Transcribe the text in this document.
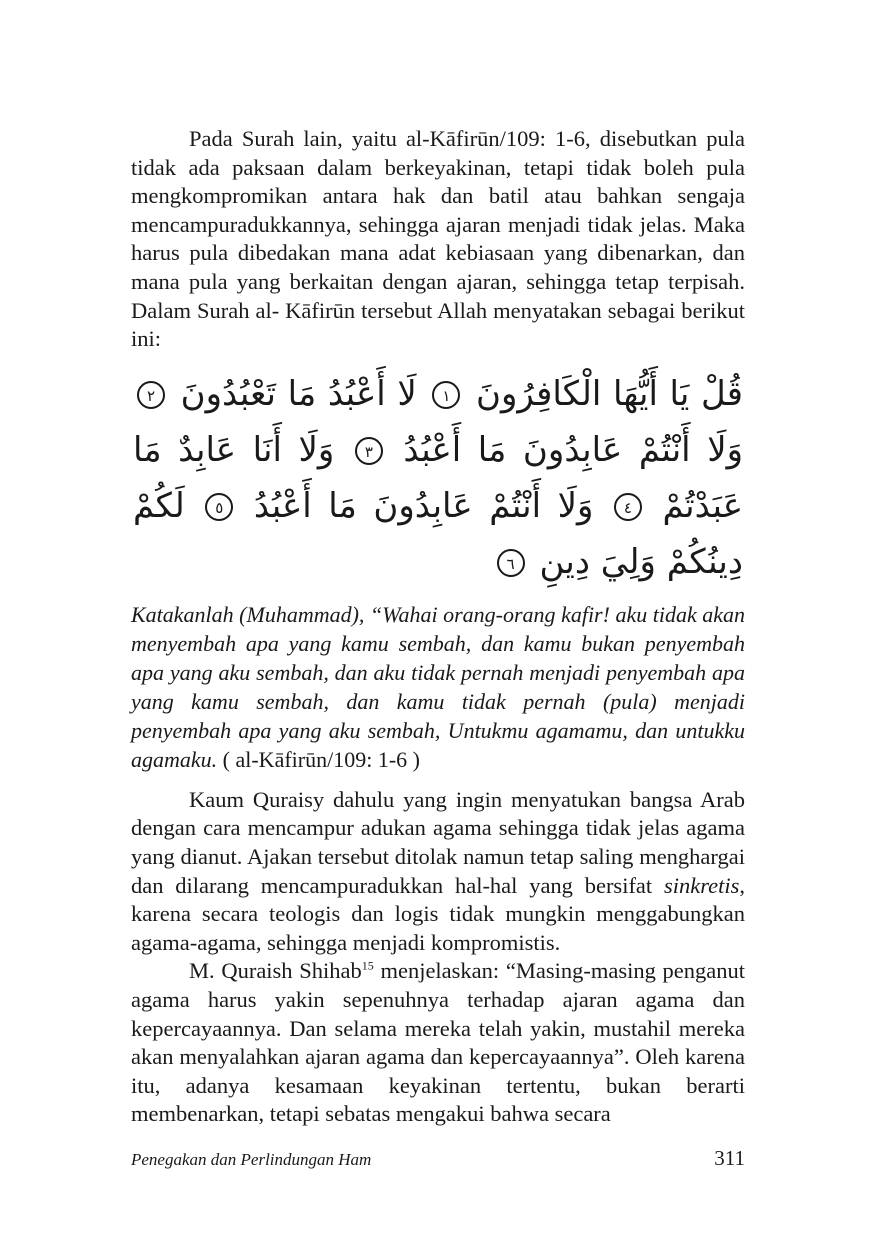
Pada Surah lain, yaitu al-Kāfirūn/109: 1-6, disebutkan pula tidak ada paksaan dalam berkeyakinan, tetapi tidak boleh pula mengkompromikan antara hak dan batil atau bahkan sengaja mencampuradukkannya, sehingga ajaran menjadi tidak jelas. Maka harus pula dibedakan mana adat kebiasaan yang dibenarkan, dan mana pula yang berkaitan dengan ajaran, sehingga tetap terpisah. Dalam Surah al- Kāfirūn tersebut Allah menyatakan sebagai berikut ini:

قُلْ يَا أَيُّهَا الْكَافِرُونَ ١ لَا أَعْبُدُ مَا تَعْبُدُونَ ٢ وَلَا أَنْتُمْ عَابِدُونَ مَا أَعْبُدُ ٣ وَلَا أَنَا عَابِدٌ مَا عَبَدْتُمْ ٤ وَلَا أَنْتُمْ عَابِدُونَ مَا أَعْبُدُ ٥ لَكُمْ دِينُكُمْ وَلِيَ دِينِ ٦

Katakanlah (Muhammad), “Wahai orang-orang kafir! aku tidak akan menyembah apa yang kamu sembah, dan kamu bukan penyembah apa yang aku sembah, dan aku tidak pernah menjadi penyembah apa yang kamu sembah, dan kamu tidak pernah (pula) menjadi penyembah apa yang aku sembah, Untukmu agamamu, dan untukku agamaku. ( al-Kāfirūn/109: 1-6 )

Kaum Quraisy dahulu yang ingin menyatukan bangsa Arab dengan cara mencampur adukan agama sehingga tidak jelas agama yang dianut. Ajakan tersebut ditolak namun tetap saling menghargai dan dilarang mencampuradukkan hal-hal yang bersifat sinkretis, karena secara teologis dan logis tidak mungkin menggabungkan agama-agama, sehingga menjadi kompromistis.

M. Quraish Shihab$^{15}$ menjelaskan: “Masing-masing penganut agama harus yakin sepenuhnya terhadap ajaran agama dan kepercayaannya. Dan selama mereka telah yakin, mustahil mereka akan menyalahkan ajaran agama dan kepercayaannya”. Oleh karena itu, adanya kesamaan keyakinan tertentu, bukan berarti membenarkan, tetapi sebatas mengakui bahwa secara

Penegakan dan Perlindungan Ham	311
